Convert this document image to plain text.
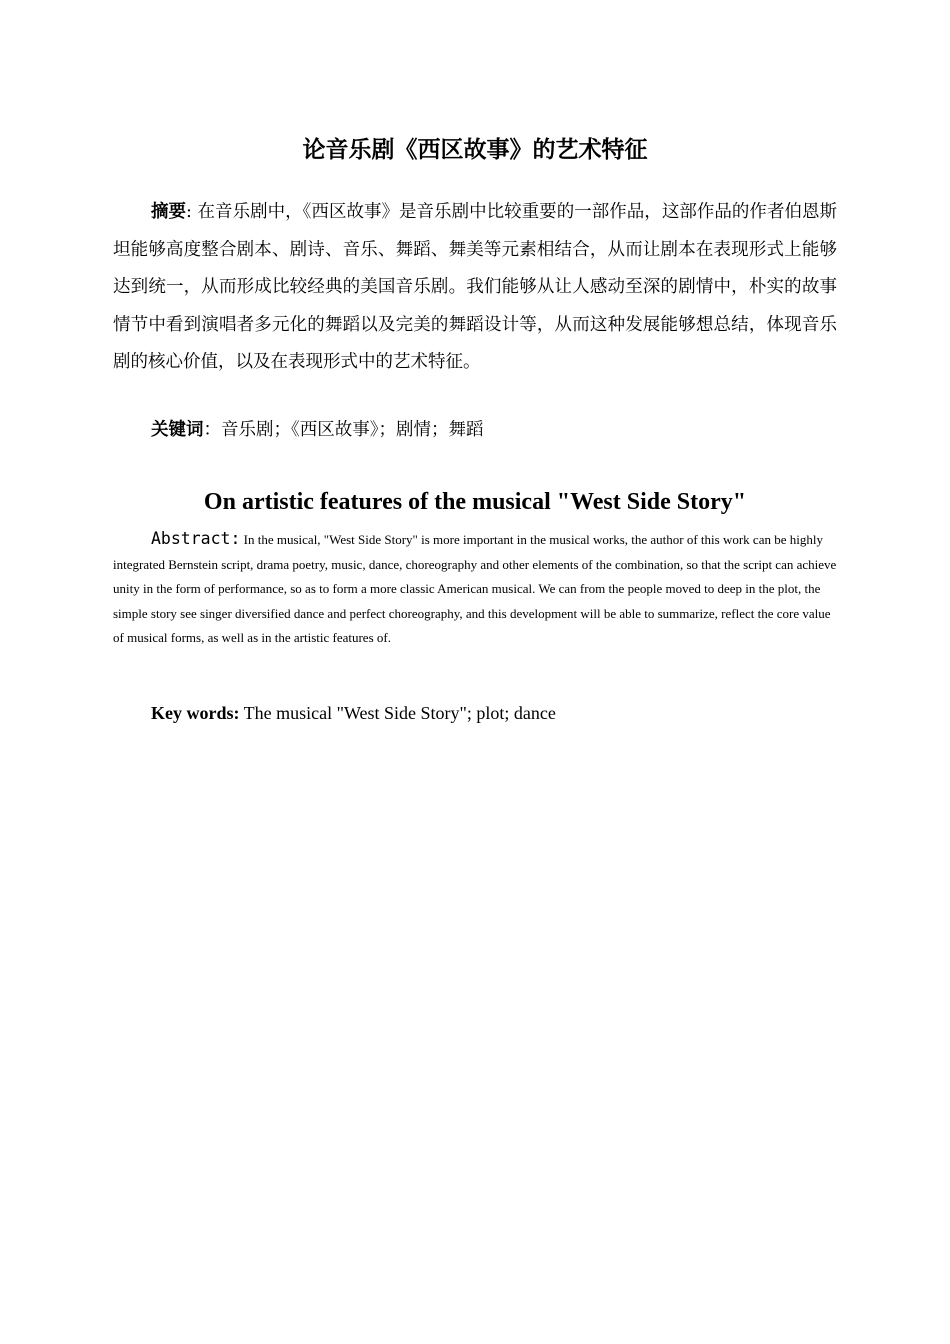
论音乐剧《西区故事》的艺术特征

摘要: 在音乐剧中，《西区故事》是音乐剧中比较重要的一部作品，这部作品的作者伯恩斯坦能够高度整合剧本、剧诗、音乐、舞蹈、舞美等元素相结合，从而让剧本在表现形式上能够达到统一，从而形成比较经典的美国音乐剧。我们能够从让人感动至深的剧情中，朴实的故事情节中看到演唱者多元化的舞蹈以及完美的舞蹈设计等，从而这种发展能够想总结，体现音乐剧的核心价值，以及在表现形式中的艺术特征。

关键词：音乐剧；《西区故事》；剧情；舞蹈

On artistic features of the musical "West Side Story"

Abstract: In the musical, "West Side Story" is more important in the musical works, the author of this work can be highly integrated Bernstein script, drama poetry, music, dance, choreography and other elements of the combination, so that the script can achieve unity in the form of performance, so as to form a more classic American musical. We can from the people moved to deep in the plot, the simple story see singer diversified dance and perfect choreography, and this development will be able to summarize, reflect the core value of musical forms, as well as in the artistic features of.

Key words: The musical "West Side Story"; plot; dance
